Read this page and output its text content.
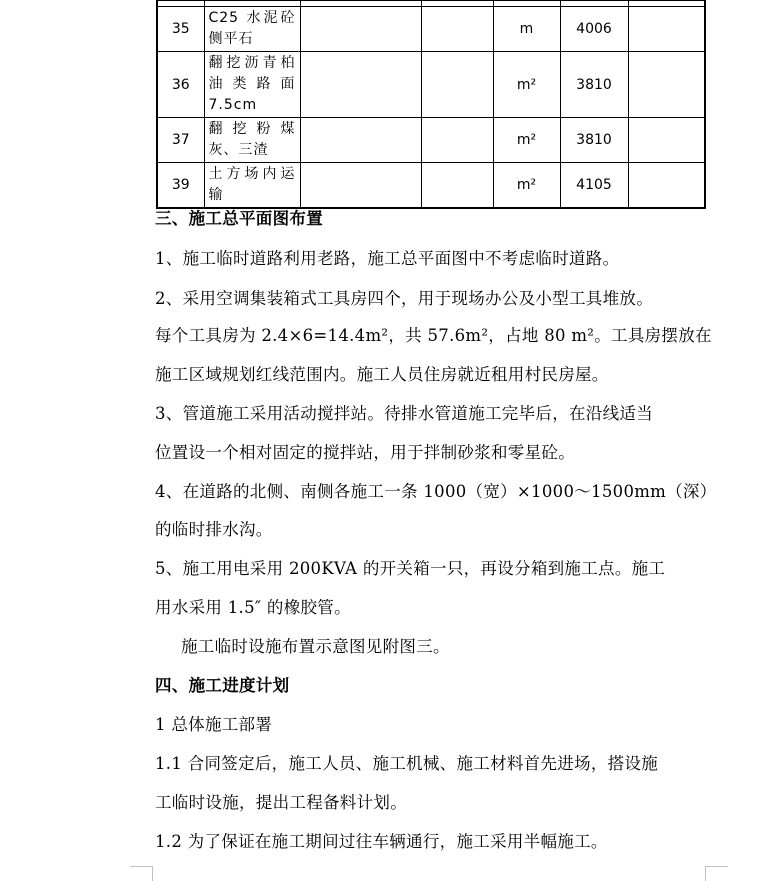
35	C25 水泥砼侧平石			m	4006	
36	翻挖沥青柏油类路面7.5cm			m²	3810	
37	翻挖粉煤灰、三渣			m²	3810	
39	土方场内运输			m²	4105	
三、施工总平面图布置
1、施工临时道路利用老路，施工总平面图中不考虑临时道路。
2、采用空调集装箱式工具房四个，用于现场办公及小型工具堆放。
每个工具房为 2.4×6=14.4m²，共 57.6m²，占地 80 m²。工具房摆放在
施工区域规划红线范围内。施工人员住房就近租用村民房屋。
3、管道施工采用活动搅拌站。待排水管道施工完毕后，在沿线适当
位置设一个相对固定的搅拌站，用于拌制砂浆和零星砼。
4、在道路的北侧、南侧各施工一条 1000（宽）×1000～1500mm（深）
的临时排水沟。
5、施工用电采用 200KVA 的开关箱一只，再设分箱到施工点。施工
用水采用 1.5″ 的橡胶管。
施工临时设施布置示意图见附图三。
四、施工进度计划
1 总体施工部署
1.1 合同签定后，施工人员、施工机械、施工材料首先进场，搭设施
工临时设施，提出工程备料计划。
1.2 为了保证在施工期间过往车辆通行，施工采用半幅施工。
